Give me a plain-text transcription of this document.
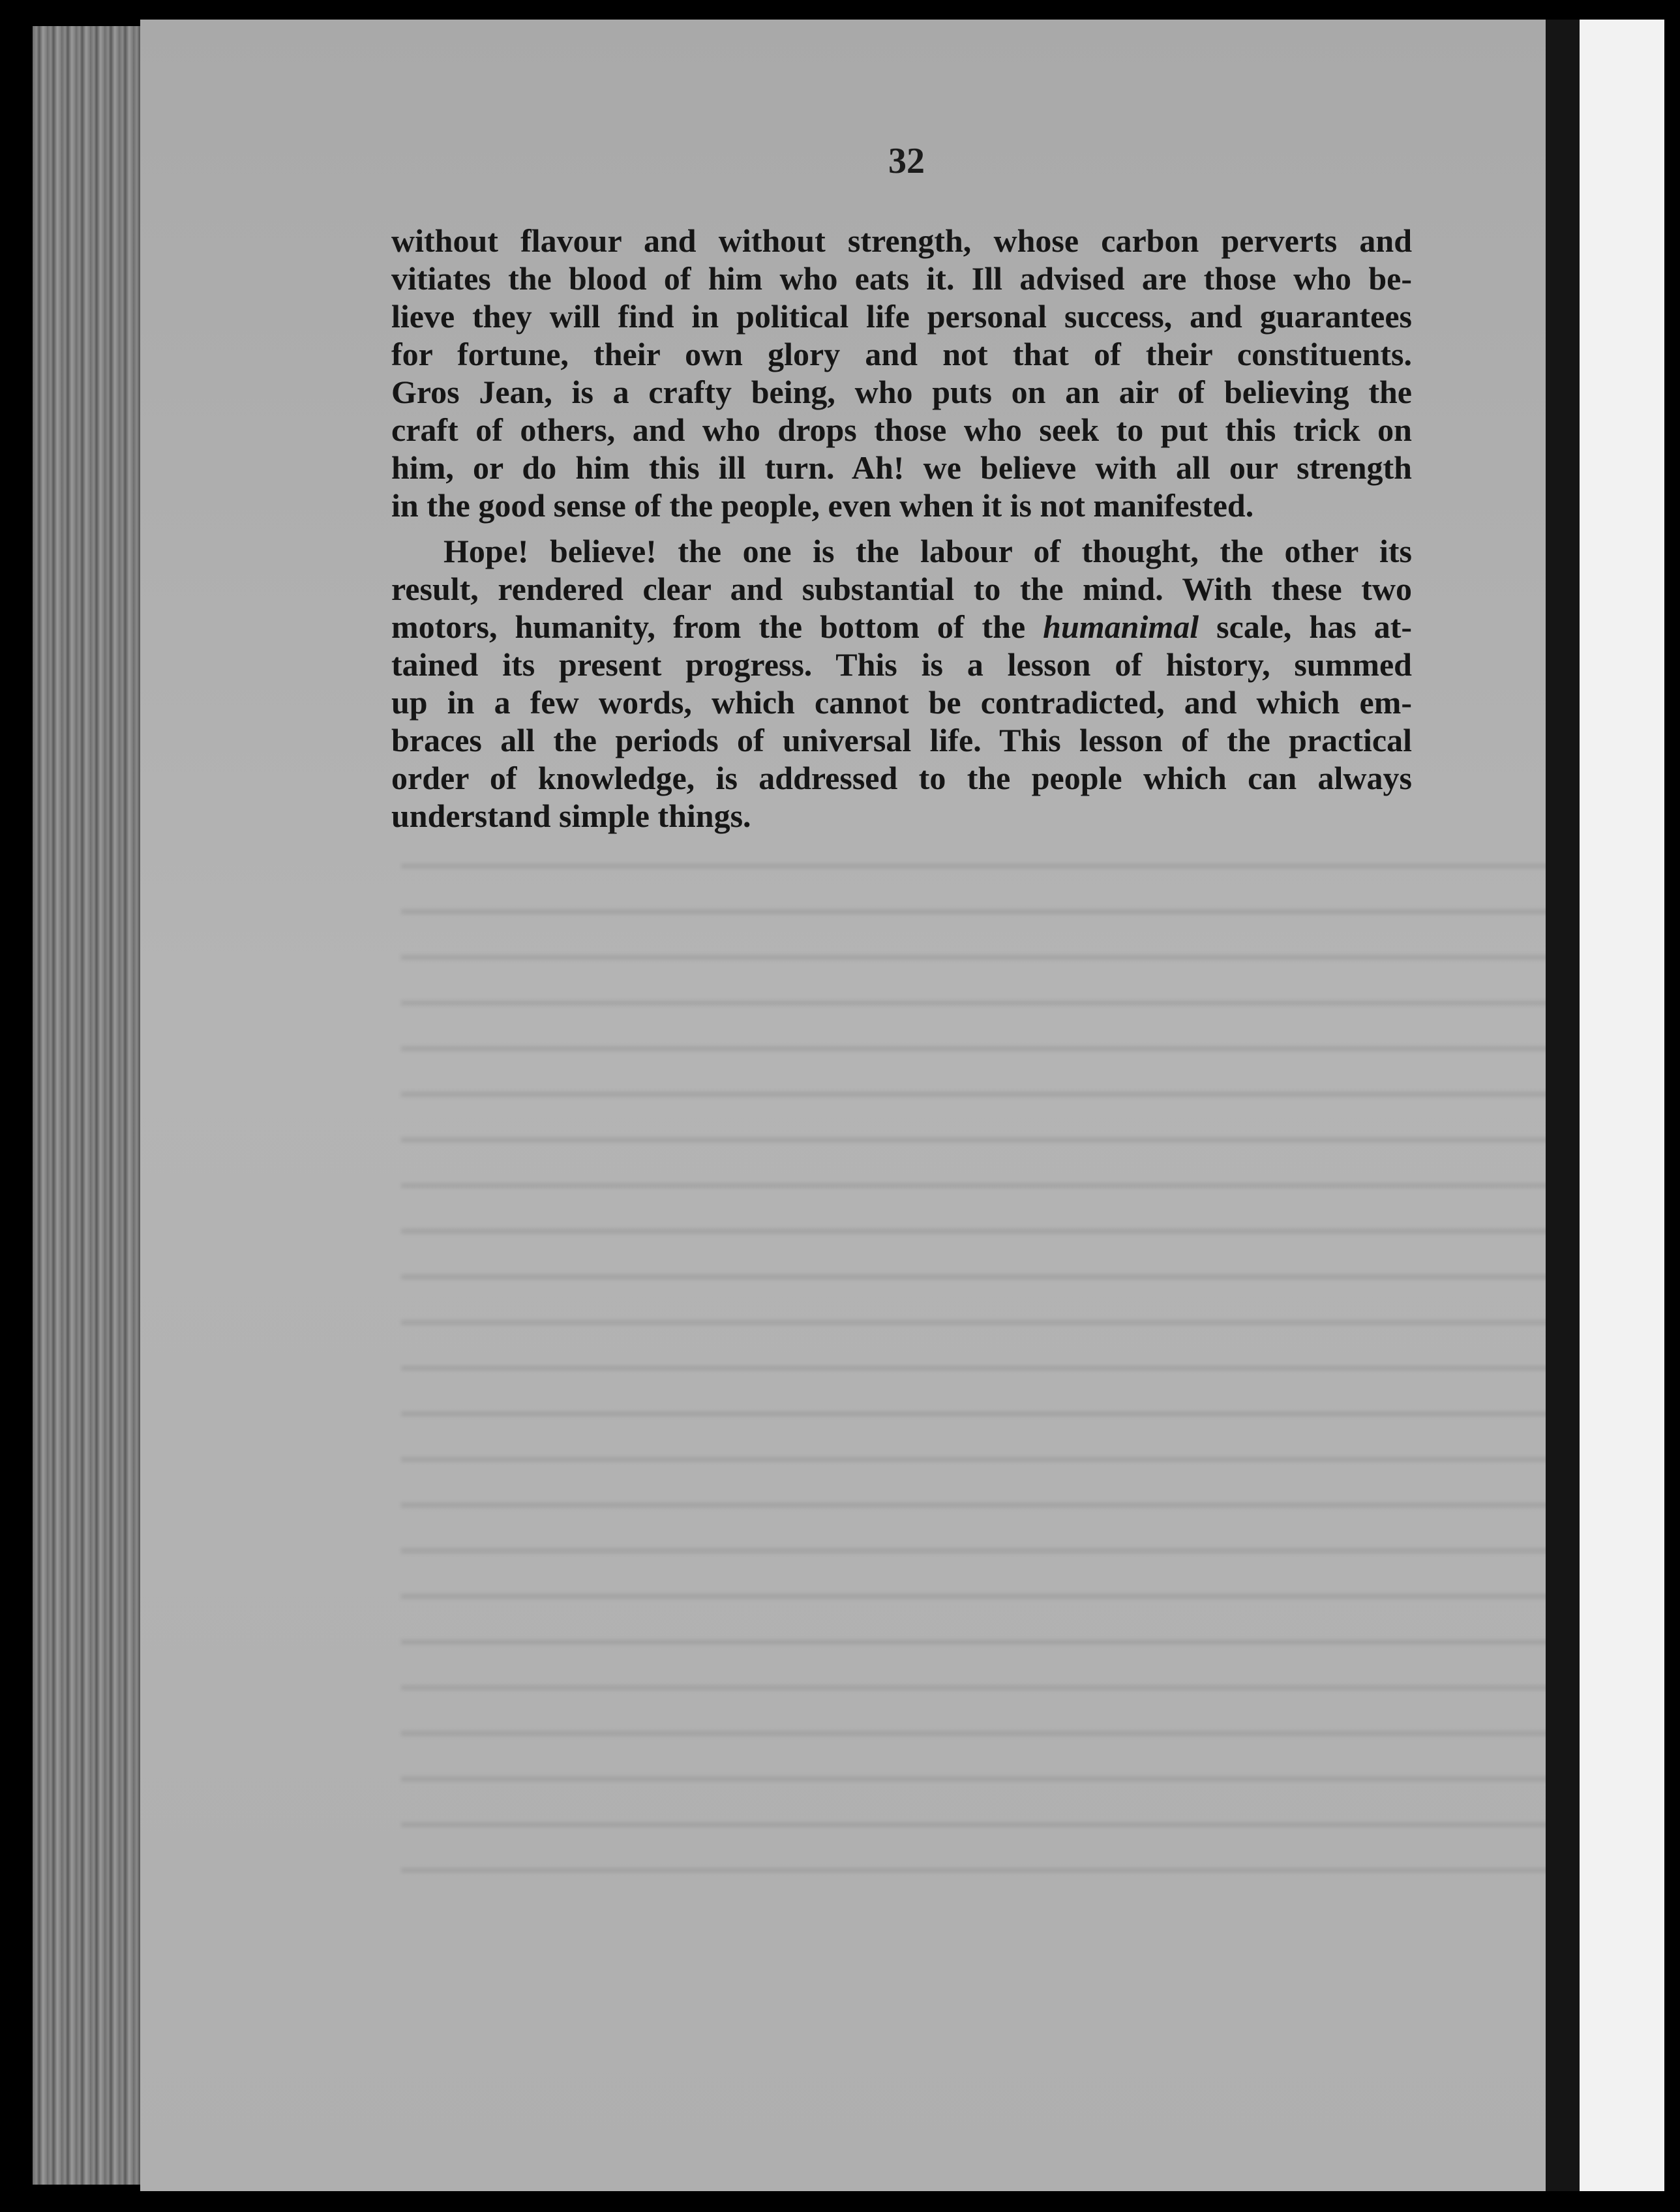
32

without flavour and without strength, whose carbon perverts and
vitiates the blood of him who eats it. Ill advised are those who be-
lieve they will find in political life personal success, and guarantees
for fortune, their own glory and not that of their constituents.
Gros Jean, is a crafty being, who puts on an air of believing the
craft of others, and who drops those who seek to put this trick on
him, or do him this ill turn. Ah! we believe with all our strength
in the good sense of the people, even when it is not manifested.
Hope! believe! the one is the labour of thought, the other its
result, rendered clear and substantial to the mind. With these two
motors, humanity, from the bottom of the humanimal scale, has at-
tained its present progress. This is a lesson of history, summed
up in a few words, which cannot be contradicted, and which em-
braces all the periods of universal life. This lesson of the practical
order of knowledge, is addressed to the people which can always
understand simple things.
